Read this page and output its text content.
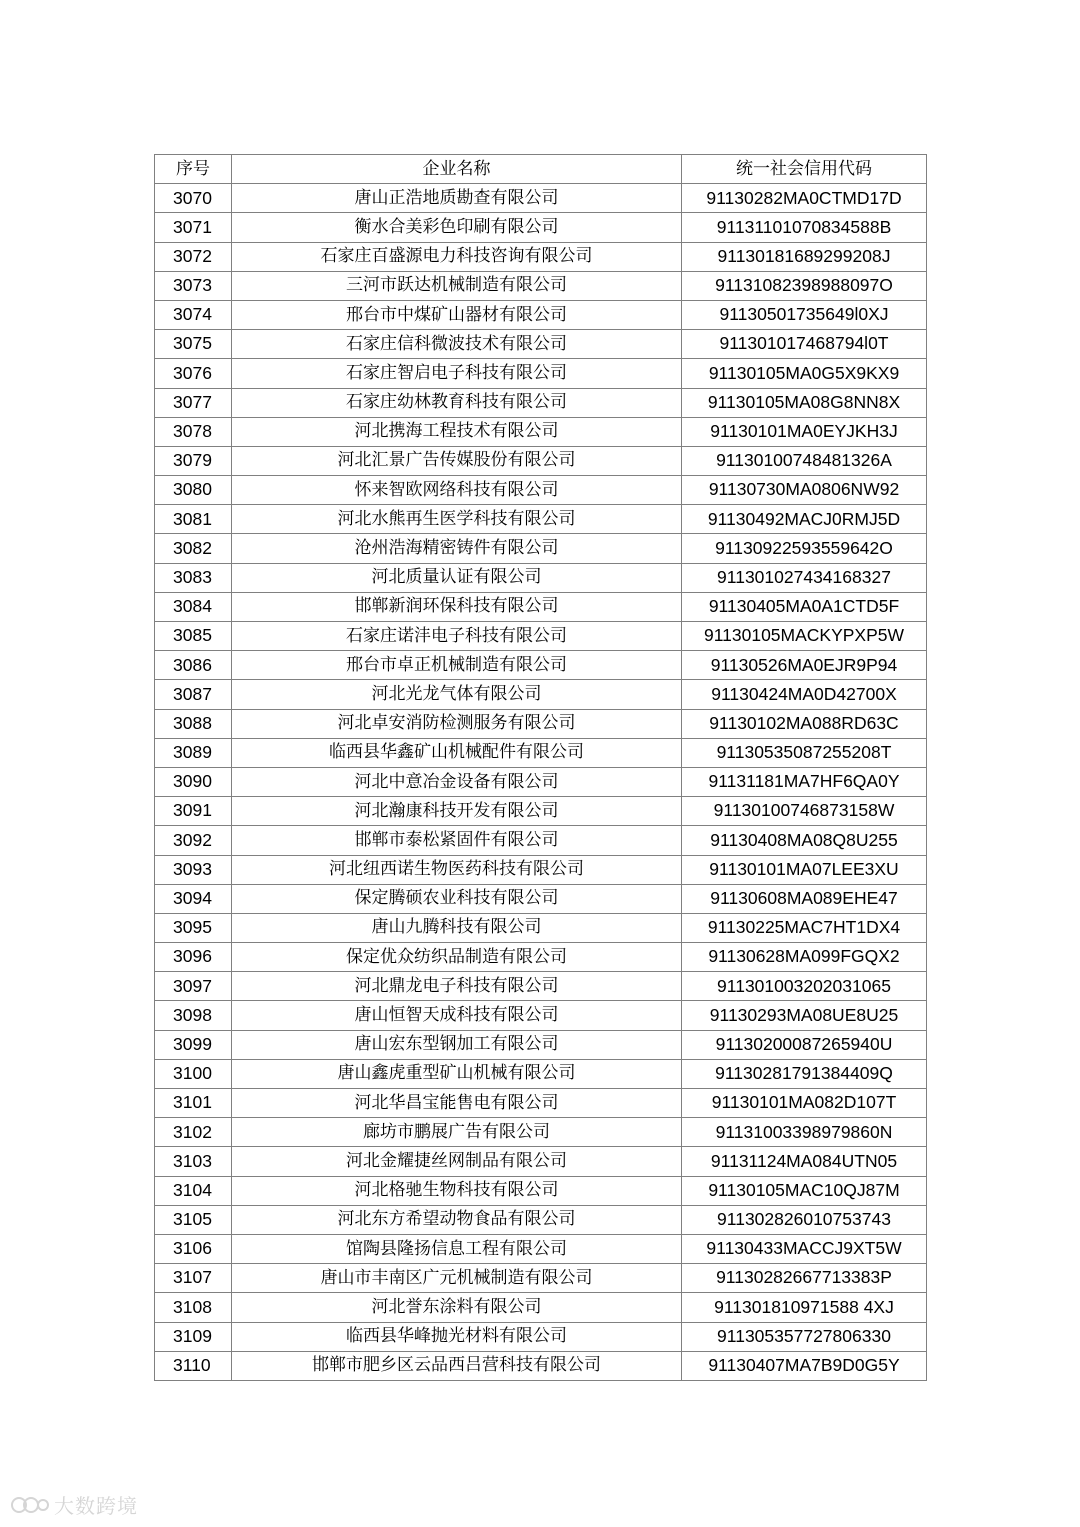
序号	企业名称	统一社会信用代码
3070	唐山正浩地质勘查有限公司	91130282MA0CTMD17D
3071	衡水合美彩色印刷有限公司	91131101070834588B
3072	石家庄百盛源电力科技咨询有限公司	91130181689299208J
3073	三河市跃达机械制造有限公司	91131082398988097O
3074	邢台市中煤矿山器材有限公司	91130501735649l0XJ
3075	石家庄信科微波技术有限公司	911301017468794l0T
3076	石家庄智启电子科技有限公司	91130105MA0G5X9KX9
3077	石家庄幼林教育科技有限公司	91130105MA08G8NN8X
3078	河北携海工程技术有限公司	91130101MA0EYJKH3J
3079	河北汇景广告传媒股份有限公司	91130100748481326A
3080	怀来智欧网络科技有限公司	91130730MA0806NW92
3081	河北水熊再生医学科技有限公司	91130492MACJ0RMJ5D
3082	沧州浩海精密铸件有限公司	91130922593559642O
3083	河北质量认证有限公司	911301027434168327
3084	邯郸新润环保科技有限公司	91130405MA0A1CTD5F
3085	石家庄诺沣电子科技有限公司	91130105MACKYPXP5W
3086	邢台市卓正机械制造有限公司	91130526MA0EJR9P94
3087	河北光龙气体有限公司	91130424MA0D42700X
3088	河北卓安消防检测服务有限公司	91130102MA088RD63C
3089	临西县华鑫矿山机械配件有限公司	91130535087255208T
3090	河北中意冶金设备有限公司	91131181MA7HF6QA0Y
3091	河北瀚康科技开发有限公司	91130100746873158W
3092	邯郸市泰松紧固件有限公司	91130408MA08Q8U255
3093	河北纽西诺生物医药科技有限公司	91130101MA07LEE3XU
3094	保定腾硕农业科技有限公司	91130608MA089EHE47
3095	唐山九腾科技有限公司	91130225MAC7HT1DX4
3096	保定优众纺织品制造有限公司	91130628MA099FGQX2
3097	河北鼎龙电子科技有限公司	911301003202031065
3098	唐山恒智天成科技有限公司	91130293MA08UE8U25
3099	唐山宏东型钢加工有限公司	91130200087265940U
3100	唐山鑫虎重型矿山机械有限公司	91130281791384409Q
3101	河北华昌宝能售电有限公司	91130101MA082D107T
3102	廊坊市鹏展广告有限公司	91131003398979860N
3103	河北金耀捷丝网制品有限公司	91131124MA084UTN05
3104	河北格驰生物科技有限公司	91130105MAC10QJ87M
3105	河北东方希望动物食品有限公司	911302826010753743
3106	馆陶县隆扬信息工程有限公司	91130433MACCJ9XT5W
3107	唐山市丰南区广元机械制造有限公司	91130282667713383P
3108	河北誉东涂料有限公司	911301810971588 4XJ
3109	临西县华峰抛光材料有限公司	911305357727806330
3110	邯郸市肥乡区云品西吕营科技有限公司	91130407MA7B9D0G5Y
大数跨境
